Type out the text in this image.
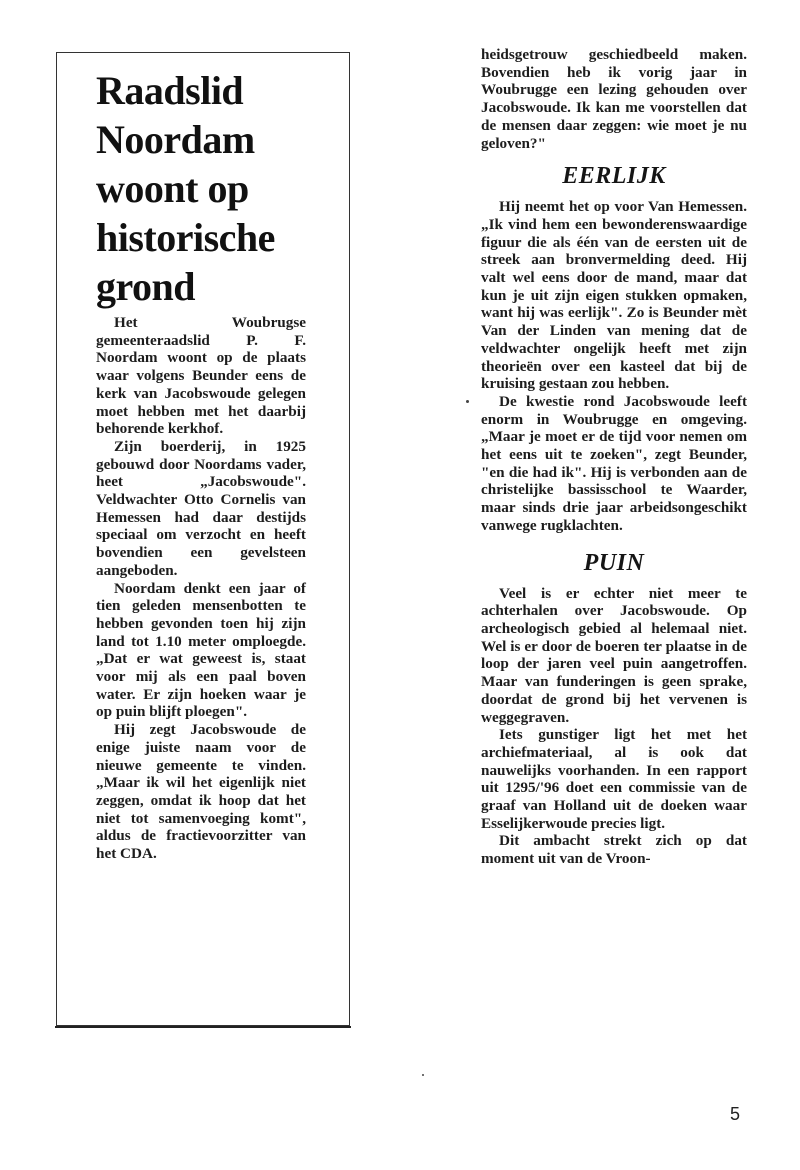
Raadslid Noordam woont op historische grond

Het Woubrugse gemeenteraadslid P. F. Noordam woont op de plaats waar volgens Beunder eens de kerk van Jacobswoude gelegen moet hebben met het daarbij behorende kerkhof.

Zijn boerderij, in 1925 gebouwd door Noordams vader, heet „Jacobswoude". Veldwachter Otto Cornelis van Hemessen had daar destijds speciaal om verzocht en heeft bovendien een gevelsteen aangeboden.

Noordam denkt een jaar of tien geleden mensenbotten te hebben gevonden toen hij zijn land tot 1.10 meter omploegde. „Dat er wat geweest is, staat voor mij als een paal boven water. Er zijn hoeken waar je op puin blijft ploegen".

Hij zegt Jacobswoude de enige juiste naam voor de nieuwe gemeente te vinden. „Maar ik wil het eigenlijk niet zeggen, omdat ik hoop dat het niet tot samenvoeging komt", aldus de fractievoorzitter van het CDA.

heidsgetrouw geschiedbeeld maken. Bovendien heb ik vorig jaar in Woubrugge een lezing gehouden over Jacobswoude. Ik kan me voorstellen dat de mensen daar zeggen: wie moet je nu geloven?"

EERLIJK

Hij neemt het op voor Van Hemessen. „Ik vind hem een bewonderenswaardige figuur die als één van de eersten uit de streek aan bronvermelding deed. Hij valt wel eens door de mand, maar dat kun je uit zijn eigen stukken opmaken, want hij was eerlijk". Zo is Beunder mèt Van der Linden van mening dat de veldwachter ongelijk heeft met zijn theorieën over een kasteel dat bij de kruising gestaan zou hebben.

De kwestie rond Jacobswoude leeft enorm in Woubrugge en omgeving. „Maar je moet er de tijd voor nemen om het eens uit te zoeken", zegt Beunder, "en die had ik". Hij is verbonden aan de christelijke bassisschool te Waarder, maar sinds drie jaar arbeidsongeschikt vanwege rugklachten.

PUIN

Veel is er echter niet meer te achterhalen over Jacobswoude. Op archeologisch gebied al helemaal niet. Wel is er door de boeren ter plaatse in de loop der jaren veel puin aangetroffen. Maar van funderingen is geen sprake, doordat de grond bij het vervenen is weggegraven.

Iets gunstiger ligt het met het archiefmateriaal, al is ook dat nauwelijks voorhanden. In een rapport uit 1295/'96 doet een commissie van de graaf van Holland uit de doeken waar Esselijkerwoude precies ligt.

Dit ambacht strekt zich op dat moment uit van de Vroon-

5
